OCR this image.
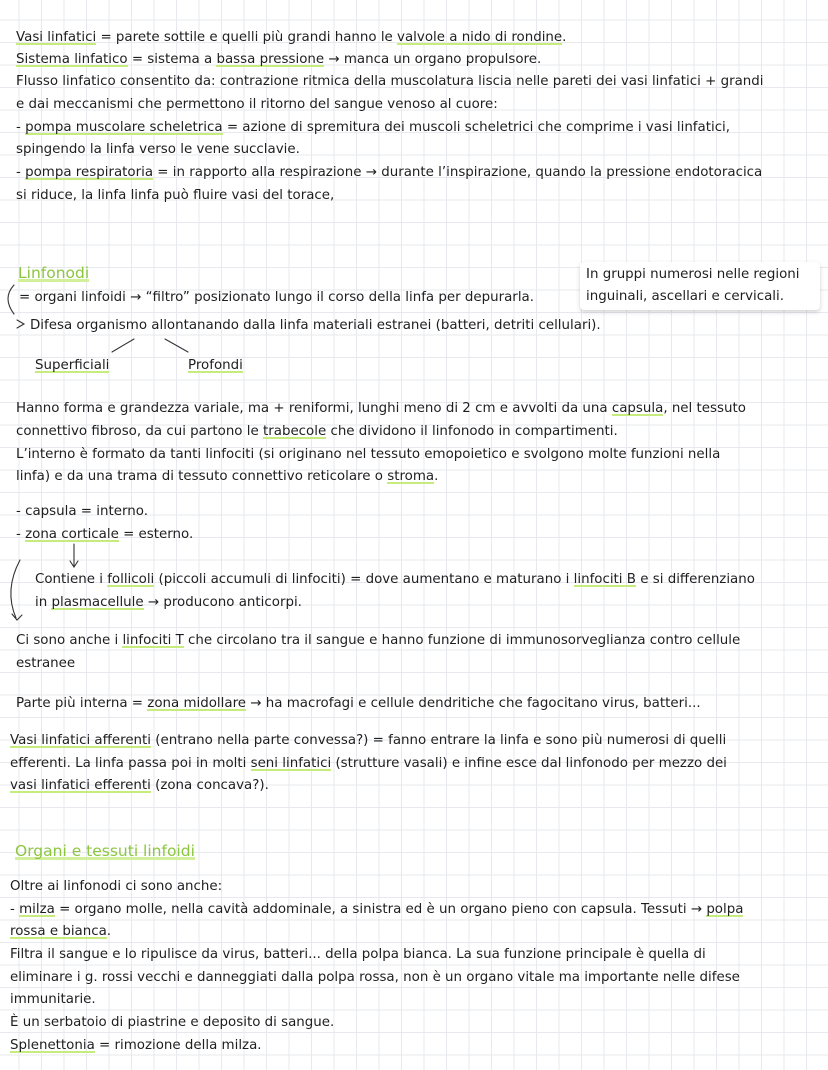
Vasi linfatici = parete sottile e quelli più grandi hanno le valvole a nido di rondine.
Sistema linfatico = sistema a bassa pressione → manca un organo propulsore.
Flusso linfatico consentito da: contrazione ritmica della muscolatura liscia nelle pareti dei vasi linfatici + grandi
e dai meccanismi che permettono il ritorno del sangue venoso al cuore:
- pompa muscolare scheletrica = azione di spremitura dei muscoli scheletrici che comprime i vasi linfatici,
spingendo la linfa verso le vene succlavie.
- pompa respiratoria = in rapporto alla respirazione → durante l’inspirazione, quando la pressione endotoracica
si riduce, la linfa linfa può fluire vasi del torace,
Linfonodi	In gruppi numerosi nelle regioni
inguinali, ascellari e cervicali.
= organi linfoidi → “filtro” posizionato lungo il corso della linfa per depurarla.
Difesa organismo allontanando dalla linfa materiali estranei (batteri, detriti cellulari).
Superficiali	Profondi
Hanno forma e grandezza variale, ma + reniformi, lunghi meno di 2 cm e avvolti da una capsula, nel tessuto
connettivo fibroso, da cui partono le trabecole che dividono il linfonodo in compartimenti.
L’interno è formato da tanti linfociti (si originano nel tessuto emopoietico e svolgono molte funzioni nella
linfa) e da una trama di tessuto connettivo reticolare o stroma.
- capsula = interno.
- zona corticale = esterno.
Contiene i follicoli (piccoli accumuli di linfociti) = dove aumentano e maturano i linfociti B e si differenziano
in plasmacellule → producono anticorpi.
Ci sono anche i linfociti T che circolano tra il sangue e hanno funzione di immunosorveglianza contro cellule
estranee
Parte più interna = zona midollare → ha macrofagi e cellule dendritiche che fagocitano virus, batteri...
Vasi linfatici afferenti (entrano nella parte convessa?) = fanno entrare la linfa e sono più numerosi di quelli
efferenti. La linfa passa poi in molti seni linfatici (strutture vasali) e infine esce dal linfonodo per mezzo dei
vasi linfatici efferenti (zona concava?).
Organi e tessuti linfoidi
Oltre ai linfonodi ci sono anche:
- milza = organo molle, nella cavità addominale, a sinistra ed è un organo pieno con capsula. Tessuti → polpa
rossa e bianca.
Filtra il sangue e lo ripulisce da virus, batteri... della polpa bianca. La sua funzione principale è quella di
eliminare i g. rossi vecchi e danneggiati dalla polpa rossa, non è un organo vitale ma importante nelle difese
immunitarie.
È un serbatoio di piastrine e deposito di sangue.
Splenettonia = rimozione della milza.
